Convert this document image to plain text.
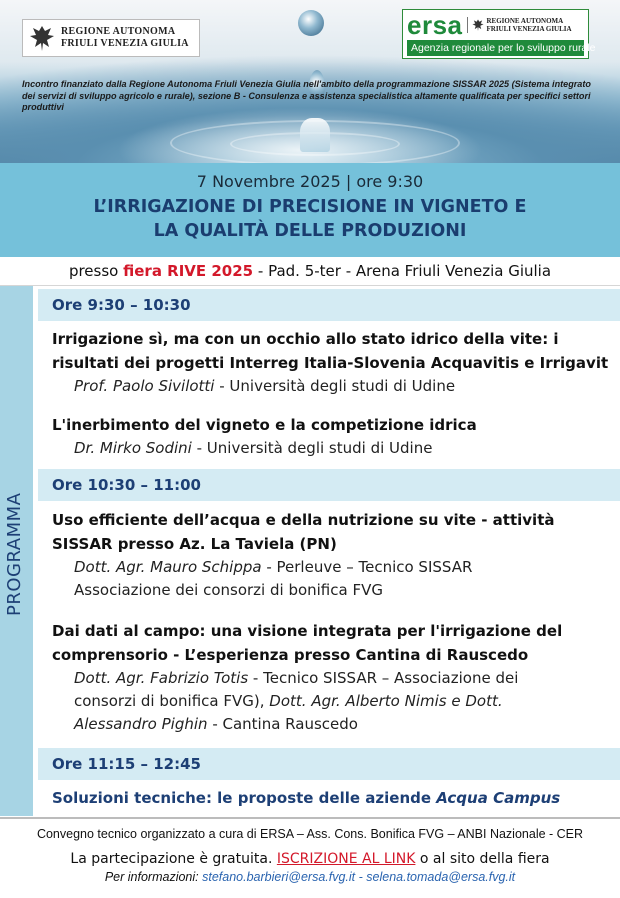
REGIONE AUTONOMA
FRIULI VENEZIA GIULIA
ersa	REGIONE AUTONOMA
FRIULI VENEZIA GIULIA
Agenzia regionale per lo sviluppo rurale
Incontro finanziato dalla Regione Autonoma Friuli Venezia Giulia nell'ambito della programmazione SISSAR 2025 (Sistema integrato dei servizi di sviluppo agricolo e rurale), sezione B - Consulenza e assistenza specialistica altamente qualificata per specifici settori produttivi
7 Novembre 2025 | ore 9:30
L’IRRIGAZIONE DI PRECISIONE IN VIGNETO E
LA QUALITÀ DELLE PRODUZIONI
presso fiera RIVE 2025 - Pad. 5-ter - Arena Friuli Venezia Giulia
PROGRAMMA
Ore 9:30 – 10:30
Irrigazione sì, ma con un occhio allo stato idrico della vite: i
risultati dei progetti Interreg Italia-Slovenia Acquavitis e Irrigavit
Prof. Paolo Sivilotti - Università degli studi di Udine
L'inerbimento del vigneto e la competizione idrica
Dr. Mirko Sodini - Università degli studi di Udine
Ore 10:30 – 11:00
Uso efficiente dell’acqua e della nutrizione su vite - attività
SISSAR presso Az. La Taviela (PN)
Dott. Agr. Mauro Schippa - Perleuve – Tecnico SISSAR
Associazione dei consorzi di bonifica FVG
Dai dati al campo: una visione integrata per l'irrigazione del
comprensorio - L’esperienza presso Cantina di Rauscedo
Dott. Agr. Fabrizio Totis - Tecnico SISSAR – Associazione dei
consorzi di bonifica FVG), Dott. Agr. Alberto Nimis e Dott.
Alessandro Pighin - Cantina Rauscedo
Ore 11:15 – 12:45
Soluzioni tecniche: le proposte delle aziende Acqua Campus
Convegno tecnico organizzato a cura di ERSA – Ass. Cons. Bonifica FVG – ANBI Nazionale - CER
La partecipazione è gratuita. ISCRIZIONE AL LINK o al sito della fiera
Per informazioni: stefano.barbieri@ersa.fvg.it - selena.tomada@ersa.fvg.it
